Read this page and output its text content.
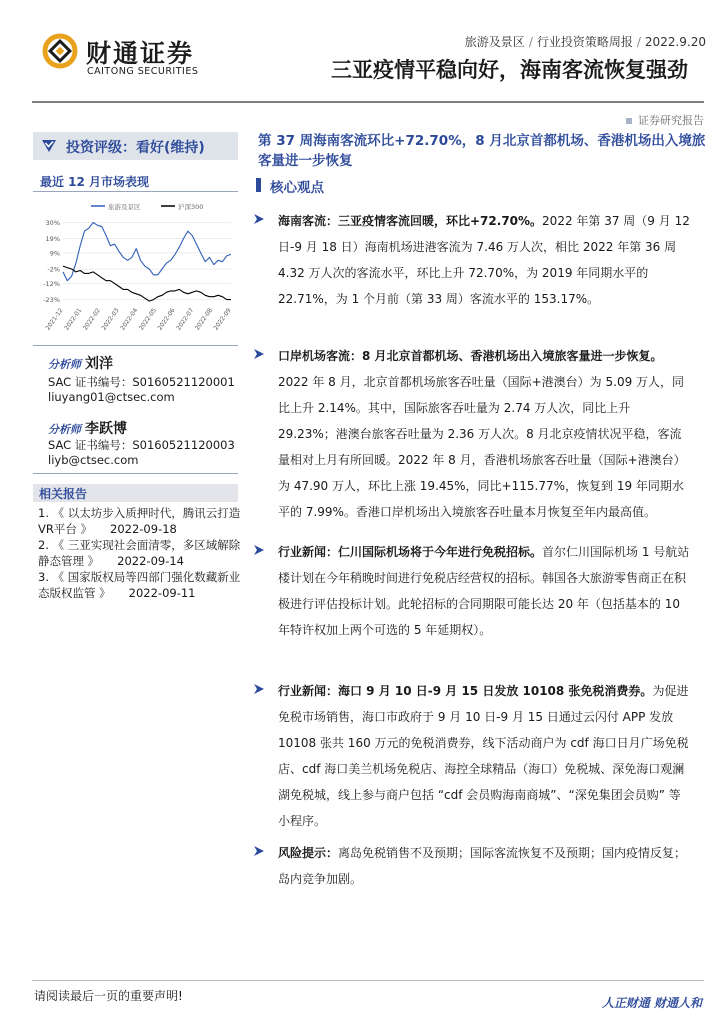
财通证券
CAITONG SECURITIES
旅游及景区 / 行业投资策略周报 / 2022.9.20
三亚疫情平稳向好，海南客流恢复强劲
证券研究报告
投资评级：看好(维持)
最近 12 月市场表现
旅游及景区	沪深300
30%
19%
9%
-2%
-12%
-23%
2021-12
2022-01
2022-02
2022-03
2022-04
2022-05
2022-06
2022-07
2022-08
2022-09
分析师 刘洋
SAC 证书编号：S0160521120001
liuyang01@ctsec.com
分析师 李跃博
SAC 证书编号：S0160521120003
liyb@ctsec.com
相关报告
1. 《 以太坊步入质押时代，腾讯云打造VR平台 》 2022-09-18
2. 《 三亚实现社会面清零，多区域解除静态管理 》 2022-09-14
3. 《 国家版权局等四部门强化数藏新业态版权监管 》 2022-09-11
第 37 周海南客流环比+72.70%，8 月北京首都机场、香港机场出入境旅客量进一步恢复
核心观点
海南客流：三亚疫情客流回暖，环比+72.70%。2022 年第 37 周（9 月 12 日-9 月 18 日）海南机场进港客流为 7.46 万人次，相比 2022 年第 36 周 4.32 万人次的客流水平，环比上升 72.70%，为 2019 年同期水平的 22.71%，为 1 个月前（第 33 周）客流水平的 153.17%。
口岸机场客流：8 月北京首都机场、香港机场出入境旅客量进一步恢复。2022 年 8 月，北京首都机场旅客吞吐量（国际+港澳台）为 5.09 万人，同比上升 2.14%。其中，国际旅客吞吐量为 2.74 万人次，同比上升 29.23%；港澳台旅客吞吐量为 2.36 万人次。8 月北京疫情状况平稳，客流量相对上月有所回暖。2022 年 8 月，香港机场旅客吞吐量（国际+港澳台）为 47.90 万人，环比上涨 19.45%，同比+115.77%，恢复到 19 年同期水平的 7.99%。香港口岸机场出入境旅客吞吐量本月恢复至年内最高值。
行业新闻：仁川国际机场将于今年进行免税招标。首尔仁川国际机场 1 号航站楼计划在今年稍晚时间进行免税店经营权的招标。韩国各大旅游零售商正在积极进行评估投标计划。此轮招标的合同期限可能长达 20 年（包括基本的 10 年特许权加上两个可选的 5 年延期权）。
行业新闻：海口 9 月 10 日-9 月 15 日发放 10108 张免税消费券。为促进免税市场销售，海口市政府于 9 月 10 日-9 月 15 日通过云闪付 APP 发放 10108 张共 160 万元的免税消费券，线下活动商户为 cdf 海口日月广场免税店、cdf 海口美兰机场免税店、海控全球精品（海口）免税城、深免海口观澜湖免税城，线上参与商户包括 “cdf 会员购海南商城”、“深免集团会员购” 等小程序。
风险提示：离岛免税销售不及预期；国际客流恢复不及预期；国内疫情反复；岛内竞争加剧。
请阅读最后一页的重要声明!	人正财通 财通人和
